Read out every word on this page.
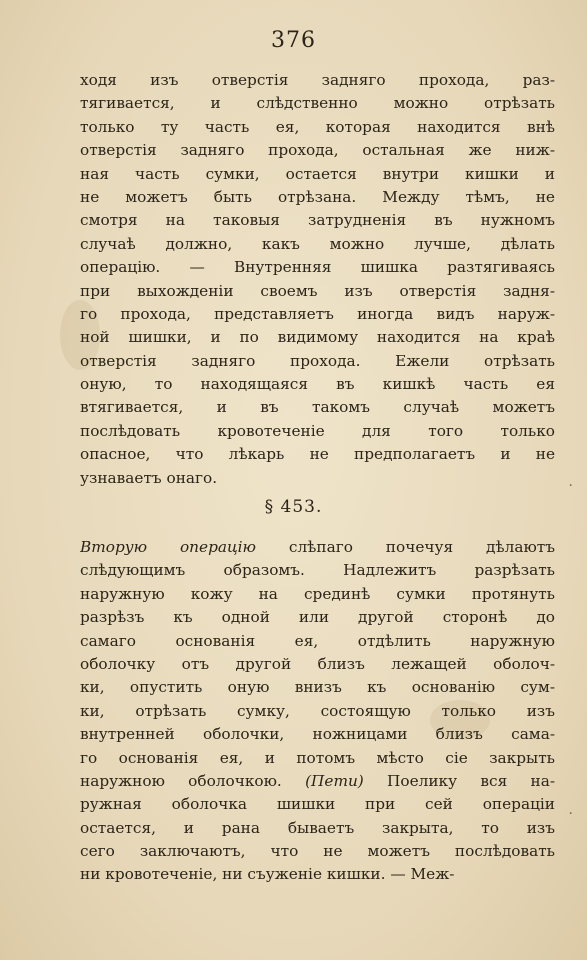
376
ходя изъ отверстія задняго прохода, раз-
тягивается, и слѣдственно можно отрѣзать
только ту часть ея, которая находится внѣ
отверстія задняго прохода, остальная же ниж-
ная часть сумки, остается внутри кишки и
не можетъ быть отрѣзана. Между тѣмъ, не
смотря на таковыя затрудненія въ нужномъ
случаѣ должно, какъ можно лучше, дѣлать
операцію. — Внутренняя шишка разтягиваясь
при выхожденіи своемъ изъ отверстія задня-
го прохода, представляетъ иногда видъ наруж-
ной шишки, и по видимому находится на краѣ
отверстія задняго прохода. Ежели отрѣзать
оную, то находящаяся въ кишкѣ часть ея
втягивается, и въ такомъ случаѣ можетъ
послѣдовать кровотеченіе для того только
опасное, что лѣкарь не предполагаетъ и не
узнаваетъ онаго.
§ 453.
Вторую операцію слѣпаго почечуя дѣлаютъ
слѣдующимъ образомъ. Надлежитъ разрѣзать
наружную кожу на срединѣ сумки протянуть
разрѣзъ къ одной или другой сторонѣ до
самаго основанія ея, отдѣлить наружную
оболочку отъ другой близъ лежащей оболоч-
ки, опустить оную внизъ къ основанію сум-
ки, отрѣзать сумку, состоящую только изъ
внутренней оболочки, ножницами близъ сама-
го основанія ея, и потомъ мѣсто сіе закрыть
наружною оболочкою. (Пети) Поелику вся на-
ружная оболочка шишки при сей операціи
остается, и рана бываетъ закрыта, то изъ
сего заключаютъ, что не можетъ послѣдовать
ни кровотеченіе, ни съуженіе кишки. — Меж-
·
·
